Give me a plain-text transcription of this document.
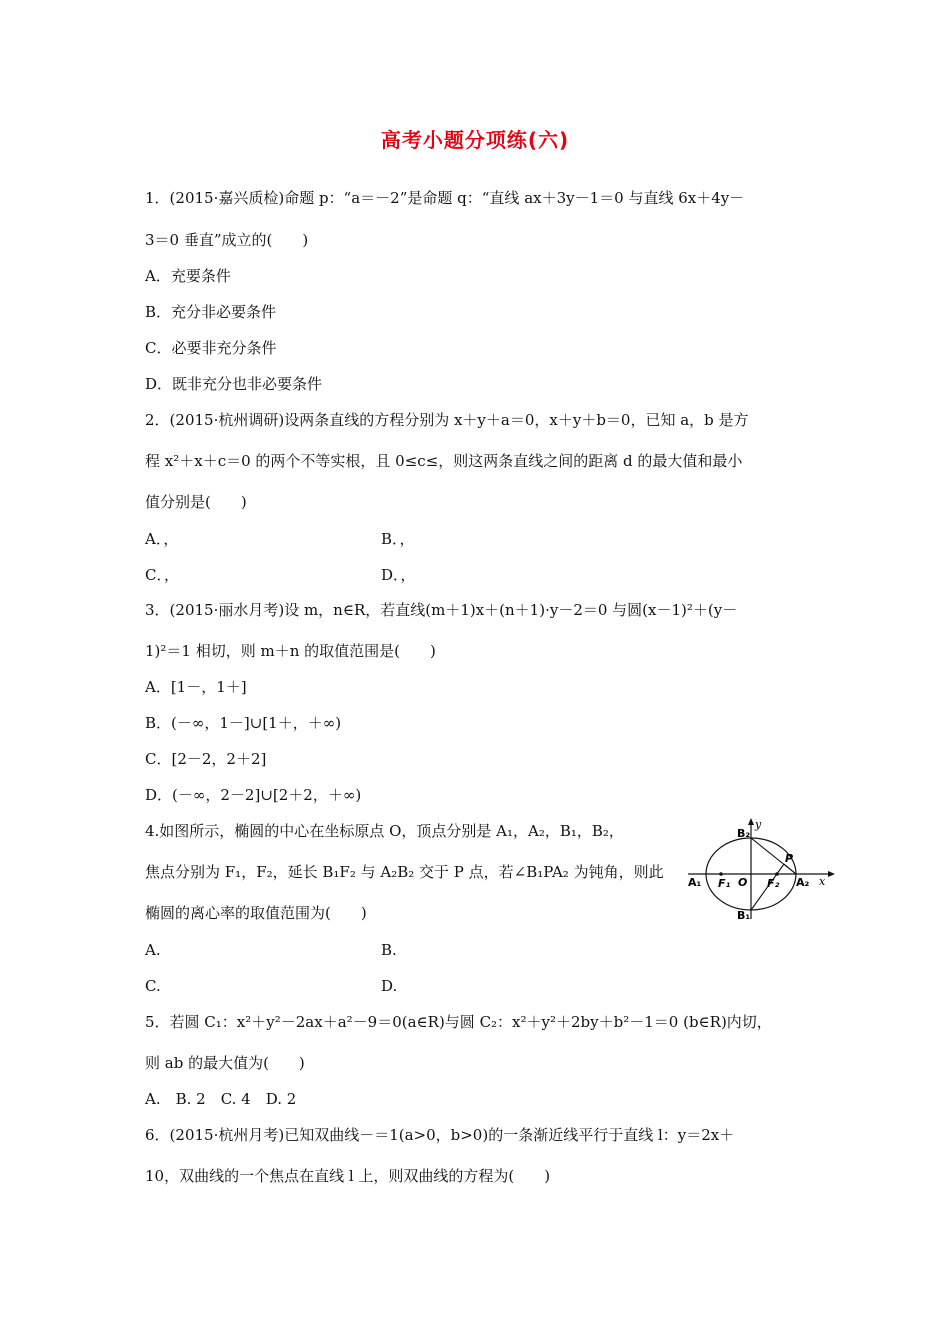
高考小题分项练(六)
1．(2015·嘉兴质检)命题 p：“a＝－2”是命题 q：“直线 ax＋3y－1＝0 与直线 6x＋4y－
3＝0 垂直”成立的(　　)
A．充要条件
B．充分非必要条件
C．必要非充分条件
D．既非充分也非必要条件
2．(2015·杭州调研)设两条直线的方程分别为 x＋y＋a＝0，x＋y＋b＝0，已知 a，b 是方
程 x²＋x＋c＝0 的两个不等实根，且 0≤c≤，则这两条直线之间的距离 d 的最大值和最小
值分别是(　　)
A．，	B．，
C．，	D．，
3．(2015·丽水月考)设 m，n∈R，若直线(m＋1)x＋(n＋1)·y－2＝0 与圆(x－1)²＋(y－
1)²＝1 相切，则 m＋n 的取值范围是(　　)
A．[1－，1＋]
B．(－∞，1－]∪[1＋，＋∞)
C．[2－2，2＋2]
D．(－∞，2－2]∪[2＋2，＋∞)
4.如图所示，椭圆的中心在坐标原点 O，顶点分别是 A₁，A₂，B₁，B₂，
焦点分别为 F₁，F₂，延长 B₁F₂ 与 A₂B₂ 交于 P 点，若∠B₁PA₂ 为钝角，则此
椭圆的离心率的取值范围为(　　)
A.	B.
C.	D.
B₂
y
P
A₁ F₁ O F₂ A₂ x
B₁
5．若圆 C₁：x²＋y²－2ax＋a²－9＝0(a∈R)与圆 C₂：x²＋y²＋2by＋b²－1＝0 (b∈R)内切，
则 ab 的最大值为(　　)
A.　B. 2　C. 4　D. 2
6．(2015·杭州月考)已知双曲线－＝1(a>0，b>0)的一条渐近线平行于直线 l：y＝2x＋
10，双曲线的一个焦点在直线 l 上，则双曲线的方程为(　　)
